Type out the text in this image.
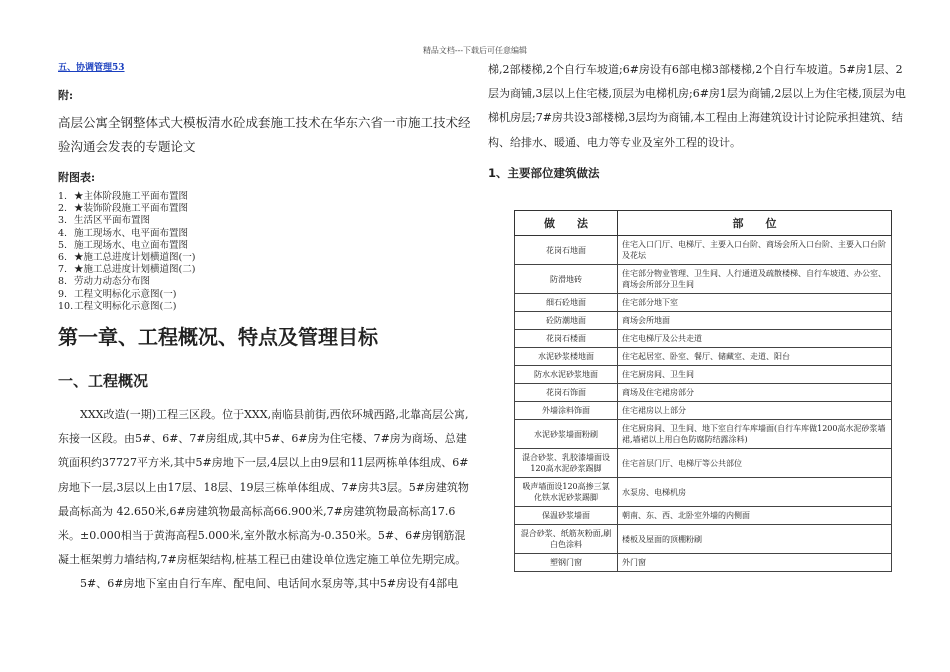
精品文档---下载后可任意编辑
五、协调管理53
附:
高层公寓全钢整体式大模板清水砼成套施工技术在华东六省一市施工技术经验沟通会发表的专题论文
附图表:
1. ★主体阶段施工平面布置图
2. ★装饰阶段施工平面布置图
3. 生活区平面布置图
4. 施工现场水、电平面布置图
5. 施工现场水、电立面布置图
6. ★施工总进度计划横道图(一)
7. ★施工总进度计划横道图(二)
8. 劳动力动态分布图
9. 工程文明标化示意图(一)
10.工程文明标化示意图(二)
第一章、工程概况、特点及管理目标
一、工程概况
XXX改造(一期)工程三区段。位于XXX,南临县前街,西依环城西路,北靠高层公寓,东接一区段。由5#、6#、7#房组成,其中5#、6#房为住宅楼、7#房为商场、总建筑面积约37727平方米,其中5#房地下一层,4层以上由9层和11层两栋单体组成、6#房地下一层,3层以上由17层、18层、19层三栋单体组成、7#房共3层。5#房建筑物最高标高为 42.650米,6#房建筑物最高标高66.900米,7#房建筑物最高标高17.6米。±0.000相当于黄海高程5.000米,室外散水标高为-0.350米。5#、6#房钢筋混凝土框架剪力墙结构,7#房框架结构,桩基工程已由建设单位选定施工单位先期完成。
5#、6#房地下室由自行车库、配电间、电话间水泵房等,其中5#房设有4部电
梯,2部楼梯,2个自行车坡道;6#房设有6部电梯3部楼梯,2个自行车坡道。5#房1层、2层为商铺,3层以上住宅楼,顶层为电梯机房;6#房1层为商铺,2层以上为住宅楼,顶层为电梯机房层;7#房共设3部楼梯,3层均为商铺,本工程由上海建筑设计讨论院承担建筑、结构、给排水、暖通、电力等专业及室外工程的设计。
1、主要部位建筑做法
做　　法	部　　位
花岗石地面	住宅入口门厅、电梯厅、主要入口台阶、商场会所入口台阶、主要入口台阶及花坛
防滑地砖	住宅部分物业管理、卫生间、人行通道及疏散楼梯、自行车坡道、办公室、商场会所部分卫生间
细石砼地面	住宅部分地下室
砼防潮地面	商场会所地面
花岗石楼面	住宅电梯厅及公共走道
水泥砂浆楼地面	住宅起居室、卧室、餐厅、储藏室、走道、阳台
防水水泥砂浆地面	住宅厨房间、卫生间
花岗石饰面	商场及住宅裙房部分
外墙涂料饰面	住宅裙房以上部分
水泥砂浆墙面粉刷	住宅厨房间、卫生间、地下室自行车库墙面(自行车库做1200高水泥砂浆墙裙,墙裙以上用白色防腐防结露涂料)
混合砂浆、乳胶漆墙面设120高水泥砂浆踢脚	住宅首层门厅、电梯厅等公共部位
吸声墙面设120高掺三氯化铁水泥砂浆踢脚	水泵房、电梯机房
保温砂浆墙面	朝南、东、西、北卧室外墙的内侧面
混合砂浆、纸筋灰粉面,刷白色涂料	楼板及屋面的顶棚粉刷
塑钢门窗	外门窗
